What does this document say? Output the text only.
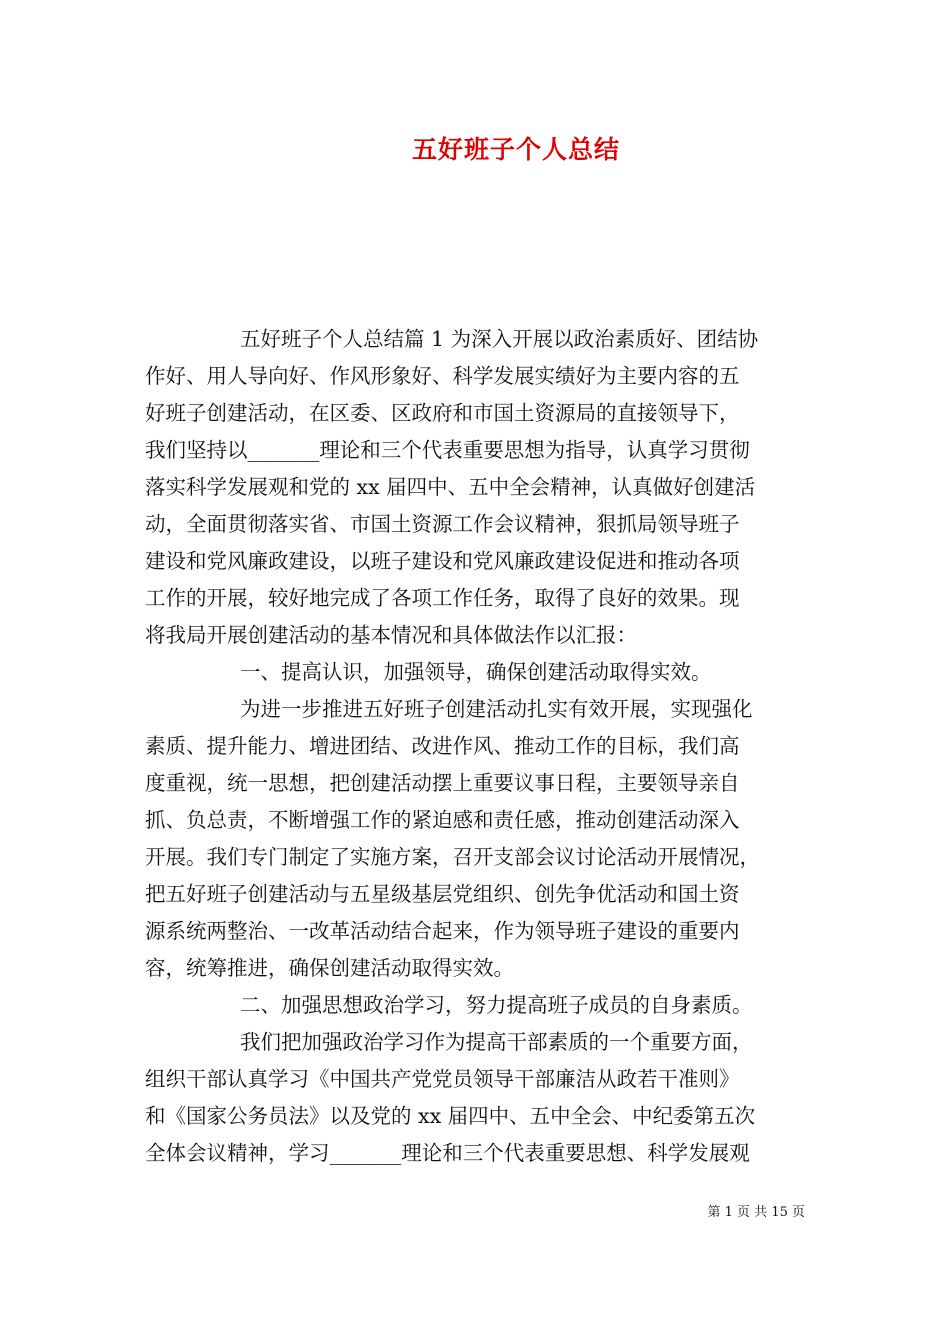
五好班子个人总结
五好班子个人总结篇 1 为深入开展以政治素质好、团结协
作好、用人导向好、作风形象好、科学发展实绩好为主要内容的五
好班子创建活动，在区委、区政府和市国土资源局的直接领导下，
我们坚持以_______理论和三个代表重要思想为指导，认真学习贯彻
落实科学发展观和党的 xx 届四中、五中全会精神，认真做好创建活
动，全面贯彻落实省、市国土资源工作会议精神，狠抓局领导班子
建设和党风廉政建设，以班子建设和党风廉政建设促进和推动各项
工作的开展，较好地完成了各项工作任务，取得了良好的效果。现
将我局开展创建活动的基本情况和具体做法作以汇报：
一、提高认识，加强领导，确保创建活动取得实效。
为进一步推进五好班子创建活动扎实有效开展，实现强化
素质、提升能力、增进团结、改进作风、推动工作的目标，我们高
度重视，统一思想，把创建活动摆上重要议事日程，主要领导亲自
抓、负总责，不断增强工作的紧迫感和责任感，推动创建活动深入
开展。我们专门制定了实施方案，召开支部会议讨论活动开展情况，
把五好班子创建活动与五星级基层党组织、创先争优活动和国土资
源系统两整治、一改革活动结合起来，作为领导班子建设的重要内
容，统筹推进，确保创建活动取得实效。
二、加强思想政治学习，努力提高班子成员的自身素质。
我们把加强政治学习作为提高干部素质的一个重要方面，
组织干部认真学习《中国共产党党员领导干部廉洁从政若干准则》
和《国家公务员法》以及党的 xx 届四中、五中全会、中纪委第五次
全体会议精神，学习_______理论和三个代表重要思想、科学发展观
第 1 页 共 15 页
